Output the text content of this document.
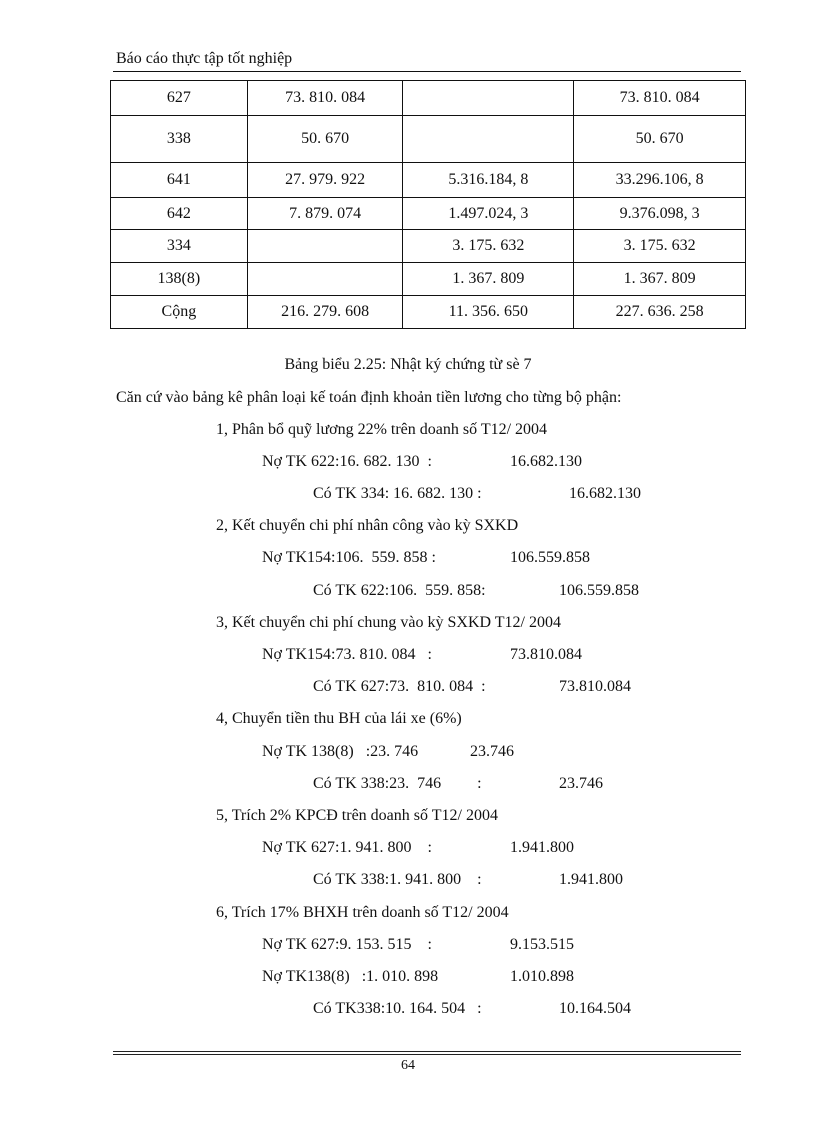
Báo cáo thực tập tốt nghiệp
627	73. 810. 084		73. 810. 084
338	50. 670		50. 670
641	27. 979. 922	5.316.184, 8	33.296.106, 8
642	7. 879. 074	1.497.024, 3	9.376.098, 3
334		3. 175. 632	3. 175. 632
138(8)		1. 367. 809	1. 367. 809
Cộng	216. 279. 608	11. 356. 650	227. 636. 258
Bảng biểu 2.25: Nhật ký chứng từ sè 7
Căn cứ vào bảng kê phân loại kế toán định khoản tiền lương cho từng bộ phận:
1, Phân bổ quỹ lương 22% trên doanh số T12/ 2004
Nợ TK 622:16. 682. 130  :	16.682.130
Có TK 334: 16. 682. 130 :	16.682.130
2, Kết chuyển chi phí nhân công vào kỳ SXKD
Nợ TK154:106.  559. 858 :	106.559.858
Có TK 622:106.  559. 858:	106.559.858
3, Kết chuyển chi phí chung vào kỳ SXKD T12/ 2004
Nợ TK154:73. 810. 084   :	73.810.084
Có TK 627:73.  810. 084  :	73.810.084
4, Chuyển tiền thu BH của lái xe (6%)
Nợ TK 138(8)   :23. 746	23.746
Có TK 338:23.  746         :	23.746
5, Trích 2% KPCĐ trên doanh số T12/ 2004
Nợ TK 627:1. 941. 800    :	1.941.800
Có TK 338:1. 941. 800    :	1.941.800
6, Trích 17% BHXH trên doanh số T12/ 2004
Nợ TK 627:9. 153. 515    :	9.153.515
Nợ TK138(8)   :1. 010. 898	1.010.898
Có TK338:10. 164. 504   :	10.164.504
64
